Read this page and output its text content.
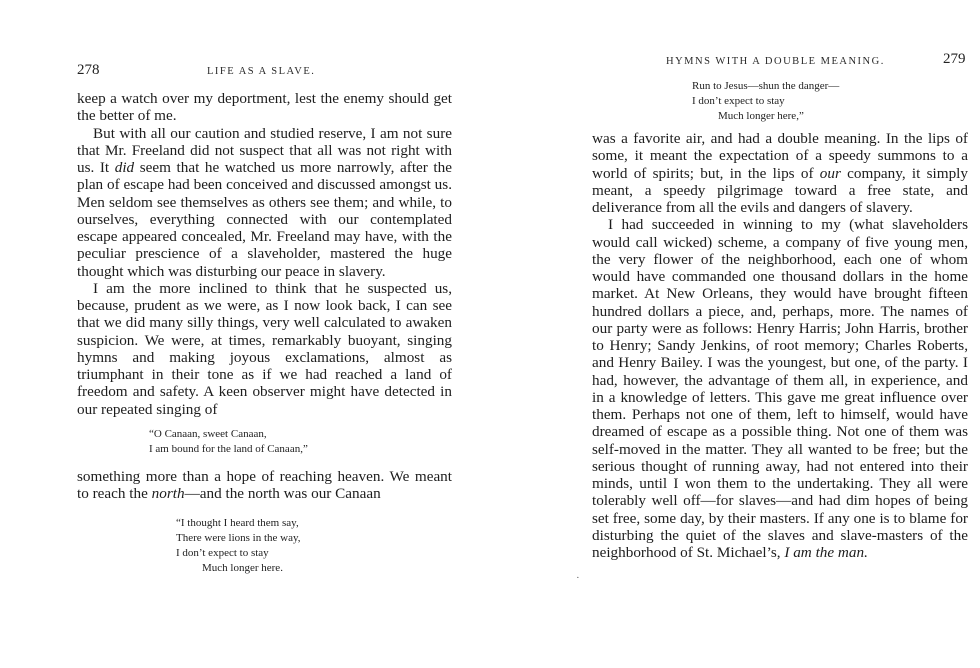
278	LIFE AS A SLAVE.

keep a watch over my deportment, lest the enemy should get the better of me.

But with all our caution and studied reserve, I am not sure that Mr. Freeland did not suspect that all was not right with us. It did seem that he watched us more narrowly, after the plan of escape had been conceived and discussed amongst us. Men seldom see themselves as others see them; and while, to ourselves, everything connected with our contemplated escape appeared concealed, Mr. Freeland may have, with the peculiar prescience of a slaveholder, mastered the huge thought which was disturbing our peace in slavery.

I am the more inclined to think that he suspected us, because, prudent as we were, as I now look back, I can see that we did many silly things, very well calculated to awaken suspicion. We were, at times, remarkably buoyant, singing hymns and making joyous exclamations, almost as triumphant in their tone as if we had reached a land of freedom and safety. A keen observer might have detected in our repeated singing of

“O Canaan, sweet Canaan,
I am bound for the land of Canaan,”

something more than a hope of reaching heaven. We meant to reach the north—and the north was our Canaan

“I thought I heard them say,
There were lions in the way,
I don’t expect to stay
Much longer here.
HYMNS WITH A DOUBLE MEANING.	279
Run to Jesus—shun the danger—
I don’t expect to stay
Much longer here,”

was a favorite air, and had a double meaning. In the lips of some, it meant the expectation of a speedy summons to a world of spirits; but, in the lips of our company, it simply meant, a speedy pilgrimage toward a free state, and deliverance from all the evils and dangers of slavery.

I had succeeded in winning to my (what slaveholders would call wicked) scheme, a company of five young men, the very flower of the neighborhood, each one of whom would have commanded one thousand dollars in the home market. At New Orleans, they would have brought fifteen hundred dollars a piece, and, perhaps, more. The names of our party were as follows: Henry Harris; John Harris, brother to Henry; Sandy Jenkins, of root memory; Charles Roberts, and Henry Bailey. I was the youngest, but one, of the party. I had, however, the advantage of them all, in experience, and in a knowledge of letters. This gave me great influence over them. Perhaps not one of them, left to himself, would have dreamed of escape as a possible thing. Not one of them was self-moved in the matter. They all wanted to be free; but the serious thought of running away, had not entered into their minds, until I won them to the undertaking. They all were tolerably well off—for slaves—and had dim hopes of being set free, some day, by their masters. If any one is to blame for disturbing the quiet of the slaves and slave-masters of the neighborhood of St. Michael’s, I am the man.

·
